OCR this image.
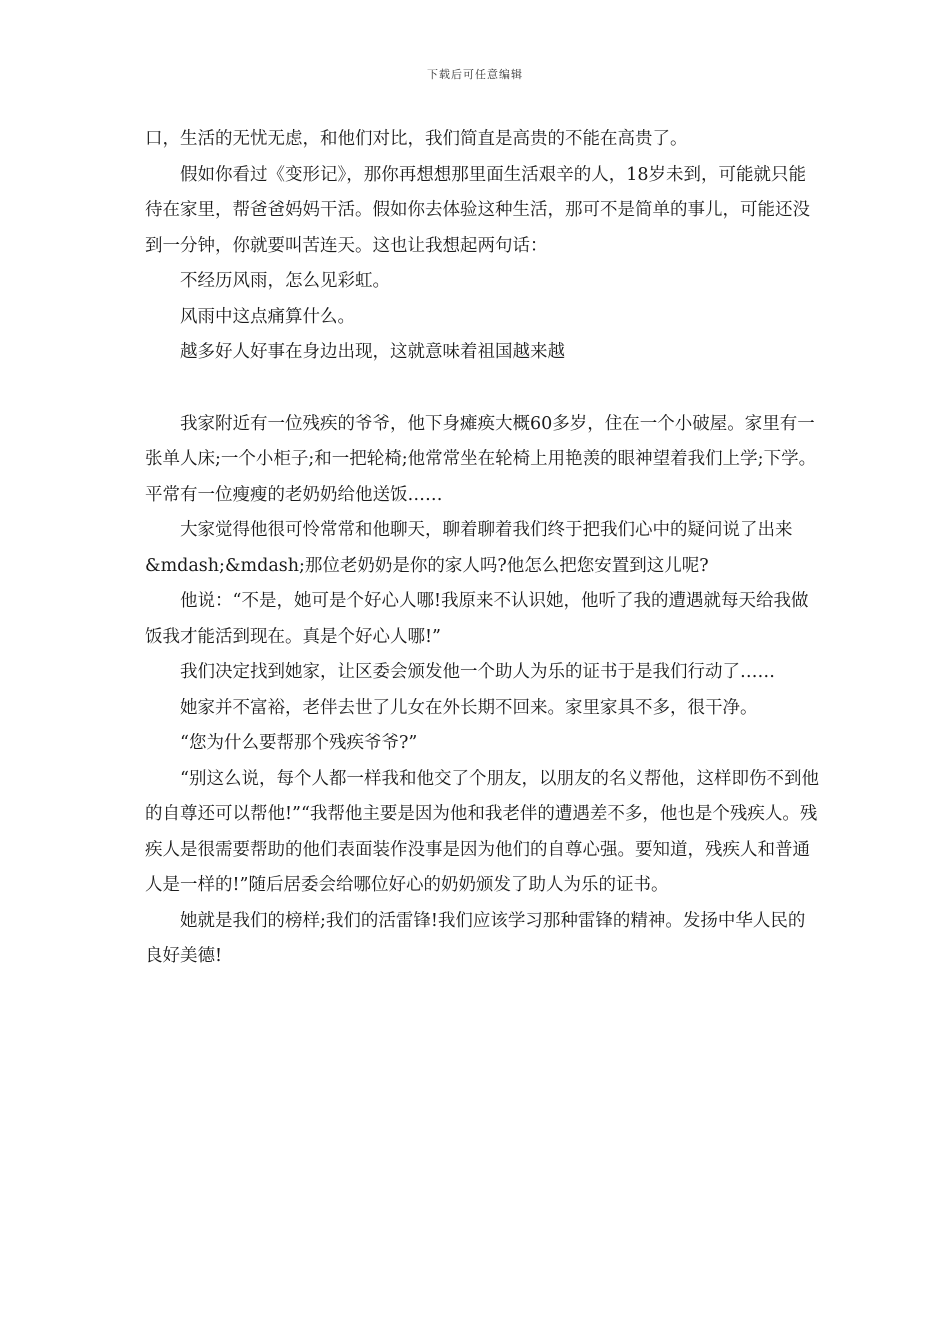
下载后可任意编辑

口，生活的无忧无虑，和他们对比，我们简直是高贵的不能在高贵了。

假如你看过《变形记》，那你再想想那里面生活艰辛的人，18岁未到，可能就只能待在家里，帮爸爸妈妈干活。假如你去体验这种生活，那可不是简单的事儿，可能还没到一分钟，你就要叫苦连天。这也让我想起两句话：

不经历风雨，怎么见彩虹。

风雨中这点痛算什么。

越多好人好事在身边出现，这就意味着祖国越来越

我家附近有一位残疾的爷爷，他下身瘫痪大概60多岁，住在一个小破屋。家里有一张单人床;一个小柜子;和一把轮椅;他常常坐在轮椅上用艳羡的眼神望着我们上学;下学。平常有一位瘦瘦的老奶奶给他送饭……

大家觉得他很可怜常常和他聊天，聊着聊着我们终于把我们心中的疑问说了出来&mdash;&mdash;那位老奶奶是你的家人吗?他怎么把您安置到这儿呢?

他说：“不是，她可是个好心人哪!我原来不认识她，他听了我的遭遇就每天给我做饭我才能活到现在。真是个好心人哪!”

我们决定找到她家，让区委会颁发他一个助人为乐的证书于是我们行动了……

她家并不富裕，老伴去世了儿女在外长期不回来。家里家具不多，很干净。

“您为什么要帮那个残疾爷爷?”

“别这么说，每个人都一样我和他交了个朋友，以朋友的名义帮他，这样即伤不到他的自尊还可以帮他!”“我帮他主要是因为他和我老伴的遭遇差不多，他也是个残疾人。残疾人是很需要帮助的他们表面装作没事是因为他们的自尊心强。要知道，残疾人和普通人是一样的!”随后居委会给哪位好心的奶奶颁发了助人为乐的证书。

她就是我们的榜样;我们的活雷锋!我们应该学习那种雷锋的精神。发扬中华人民的良好美德!
